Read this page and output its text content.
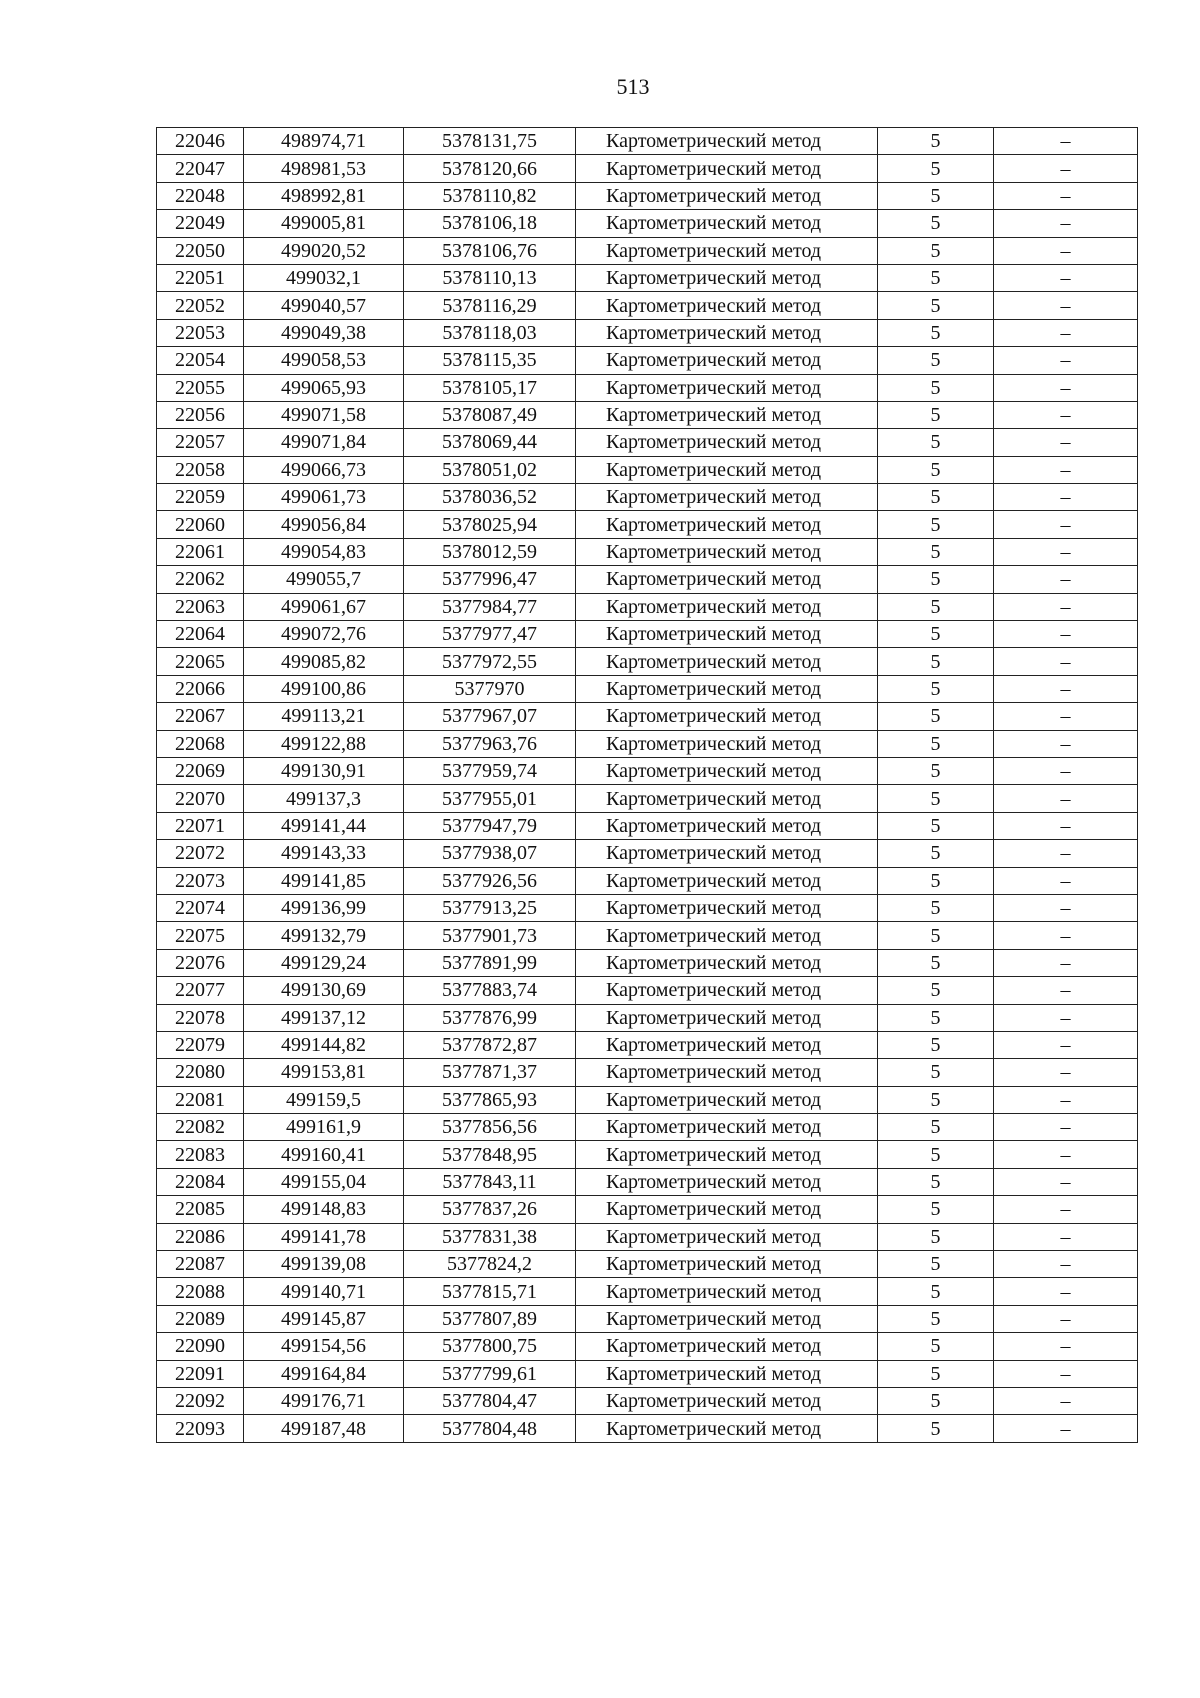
513
22046	498974,71	5378131,75	Картометрический метод	5	–
22047	498981,53	5378120,66	Картометрический метод	5	–
22048	498992,81	5378110,82	Картометрический метод	5	–
22049	499005,81	5378106,18	Картометрический метод	5	–
22050	499020,52	5378106,76	Картометрический метод	5	–
22051	499032,1	5378110,13	Картометрический метод	5	–
22052	499040,57	5378116,29	Картометрический метод	5	–
22053	499049,38	5378118,03	Картометрический метод	5	–
22054	499058,53	5378115,35	Картометрический метод	5	–
22055	499065,93	5378105,17	Картометрический метод	5	–
22056	499071,58	5378087,49	Картометрический метод	5	–
22057	499071,84	5378069,44	Картометрический метод	5	–
22058	499066,73	5378051,02	Картометрический метод	5	–
22059	499061,73	5378036,52	Картометрический метод	5	–
22060	499056,84	5378025,94	Картометрический метод	5	–
22061	499054,83	5378012,59	Картометрический метод	5	–
22062	499055,7	5377996,47	Картометрический метод	5	–
22063	499061,67	5377984,77	Картометрический метод	5	–
22064	499072,76	5377977,47	Картометрический метод	5	–
22065	499085,82	5377972,55	Картометрический метод	5	–
22066	499100,86	5377970	Картометрический метод	5	–
22067	499113,21	5377967,07	Картометрический метод	5	–
22068	499122,88	5377963,76	Картометрический метод	5	–
22069	499130,91	5377959,74	Картометрический метод	5	–
22070	499137,3	5377955,01	Картометрический метод	5	–
22071	499141,44	5377947,79	Картометрический метод	5	–
22072	499143,33	5377938,07	Картометрический метод	5	–
22073	499141,85	5377926,56	Картометрический метод	5	–
22074	499136,99	5377913,25	Картометрический метод	5	–
22075	499132,79	5377901,73	Картометрический метод	5	–
22076	499129,24	5377891,99	Картометрический метод	5	–
22077	499130,69	5377883,74	Картометрический метод	5	–
22078	499137,12	5377876,99	Картометрический метод	5	–
22079	499144,82	5377872,87	Картометрический метод	5	–
22080	499153,81	5377871,37	Картометрический метод	5	–
22081	499159,5	5377865,93	Картометрический метод	5	–
22082	499161,9	5377856,56	Картометрический метод	5	–
22083	499160,41	5377848,95	Картометрический метод	5	–
22084	499155,04	5377843,11	Картометрический метод	5	–
22085	499148,83	5377837,26	Картометрический метод	5	–
22086	499141,78	5377831,38	Картометрический метод	5	–
22087	499139,08	5377824,2	Картометрический метод	5	–
22088	499140,71	5377815,71	Картометрический метод	5	–
22089	499145,87	5377807,89	Картометрический метод	5	–
22090	499154,56	5377800,75	Картометрический метод	5	–
22091	499164,84	5377799,61	Картометрический метод	5	–
22092	499176,71	5377804,47	Картометрический метод	5	–
22093	499187,48	5377804,48	Картометрический метод	5	–
